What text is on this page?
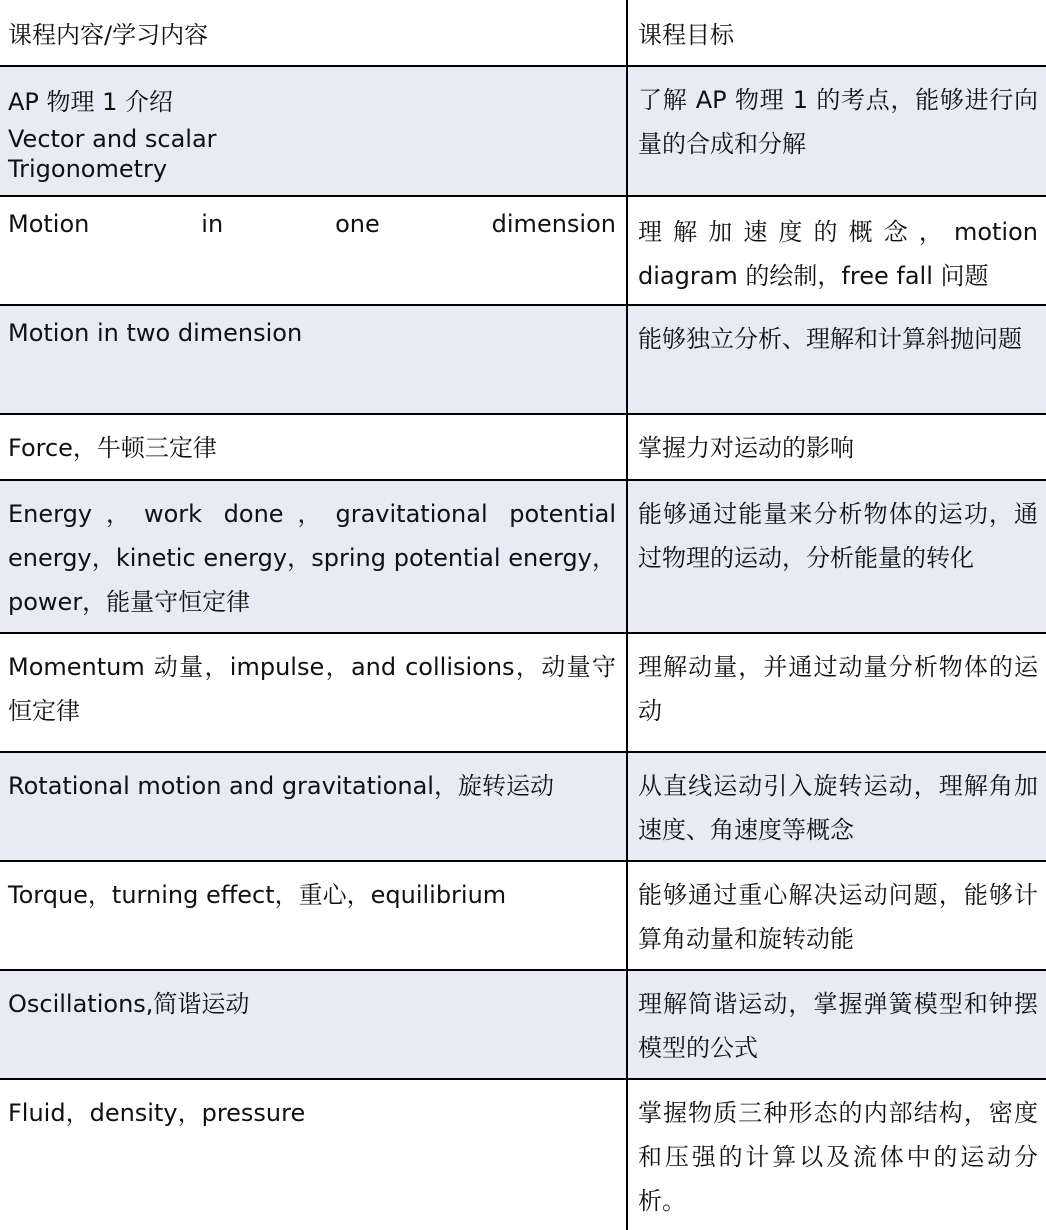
课程内容/学习内容	课程目标

AP 物理 1 介绍
Vector and scalar
Trigonometry	了解 AP 物理 1 的考点，能够进行向量的合成和分解

Motion in one dimension	理解加速度的概念，motion diagram 的绘制，free fall 问题

Motion in two dimension	能够独立分析、理解和计算斜抛问题

Force，牛顿三定律	掌握力对运动的影响

Energy，work done，gravitational potential energy，kinetic energy，spring potential energy，power，能量守恒定律	能够通过能量来分析物体的运功，通过物理的运动，分析能量的转化

Momentum 动量，impulse，and collisions，动量守恒定律	理解动量，并通过动量分析物体的运动

Rotational motion and gravitational，旋转运动	从直线运动引入旋转运动，理解角加速度、角速度等概念

Torque，turning effect，重心，equilibrium	能够通过重心解决运动问题，能够计算角动量和旋转动能

Oscillations,简谐运动	理解简谐运动，掌握弹簧模型和钟摆模型的公式

Fluid，density，pressure	掌握物质三种形态的内部结构，密度和压强的计算以及流体中的运动分析。
